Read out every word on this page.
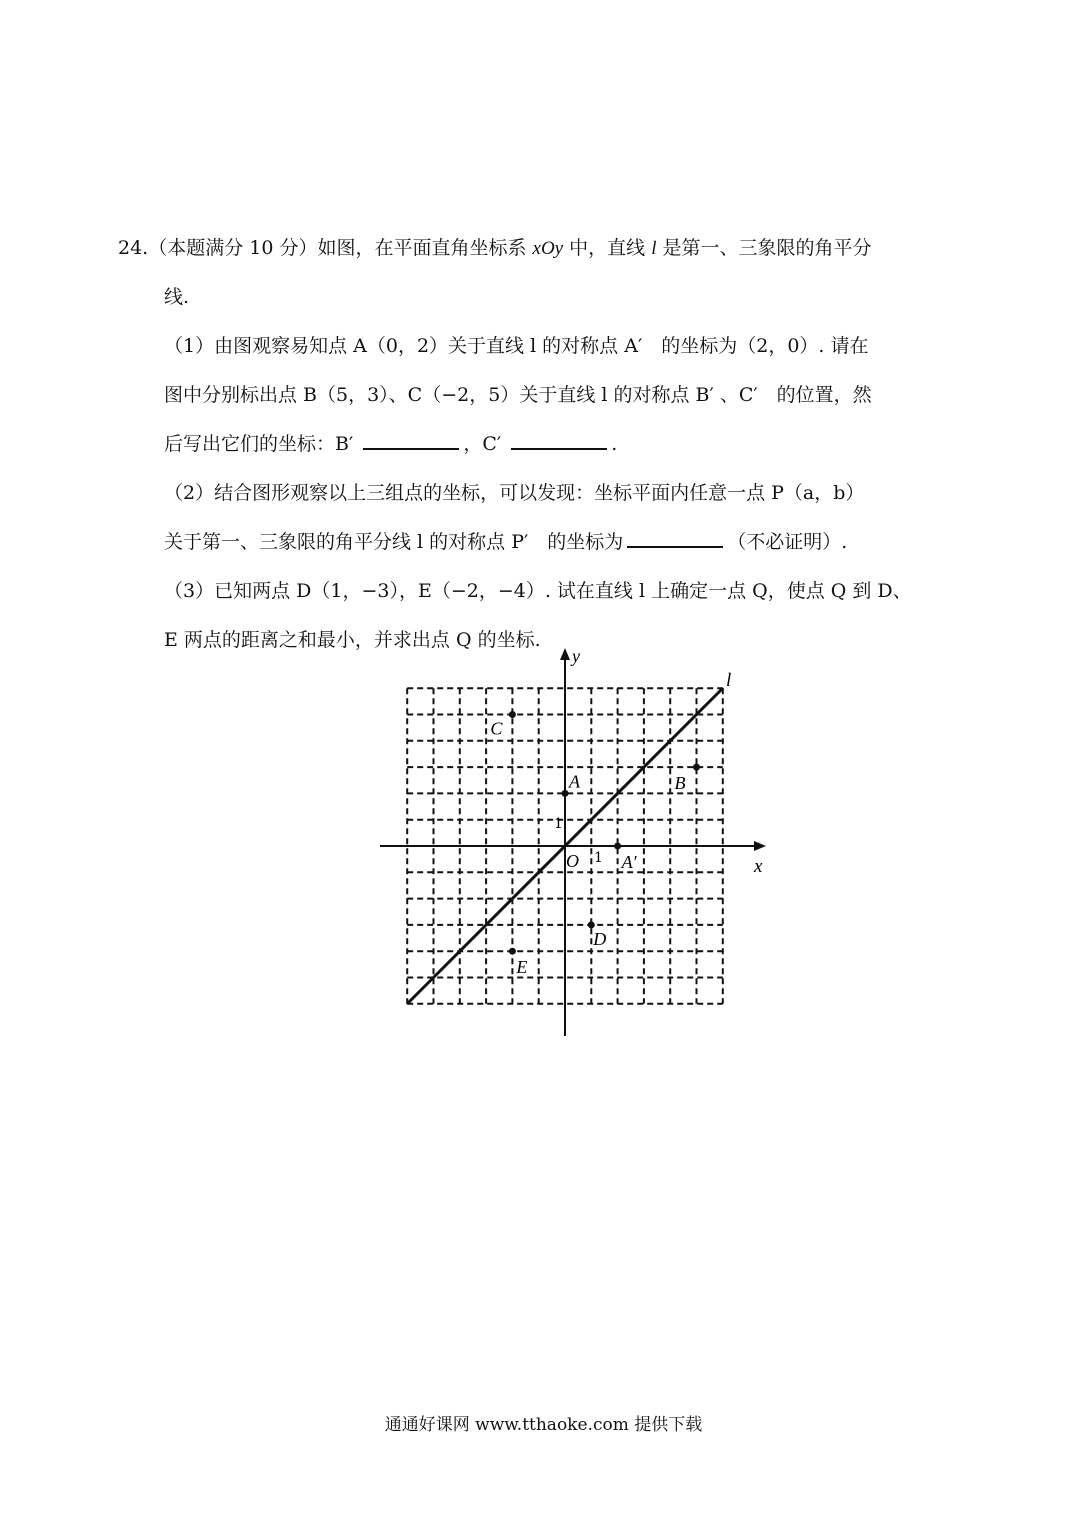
24.（本题满分 10 分）如图，在平面直角坐标系 xOy 中，直线 l 是第一、三象限的角平分
线.
（1）由图观察易知点 A（0，2）关于直线 l 的对称点 A′　的坐标为（2，0）. 请在
图中分别标出点 B（5，3）、C（−2，5）关于直线 l 的对称点 B′ 、C′　的位置，然
后写出它们的坐标：B′	，C′	.
（2）结合图形观察以上三组点的坐标，可以发现：坐标平面内任意一点 P（a，b）
关于第一、三象限的角平分线 l 的对称点 P′　的坐标为	（不必证明）.
（3）已知两点 D（1，−3），E（−2，−4）. 试在直线 l 上确定一点 Q，使点 Q 到 D、
E 两点的距离之和最小，并求出点 Q 的坐标.
x
y
l
O 1
1
A
A′
B
C
D
E
通通好课网 www.tthaoke.com 提供下载
